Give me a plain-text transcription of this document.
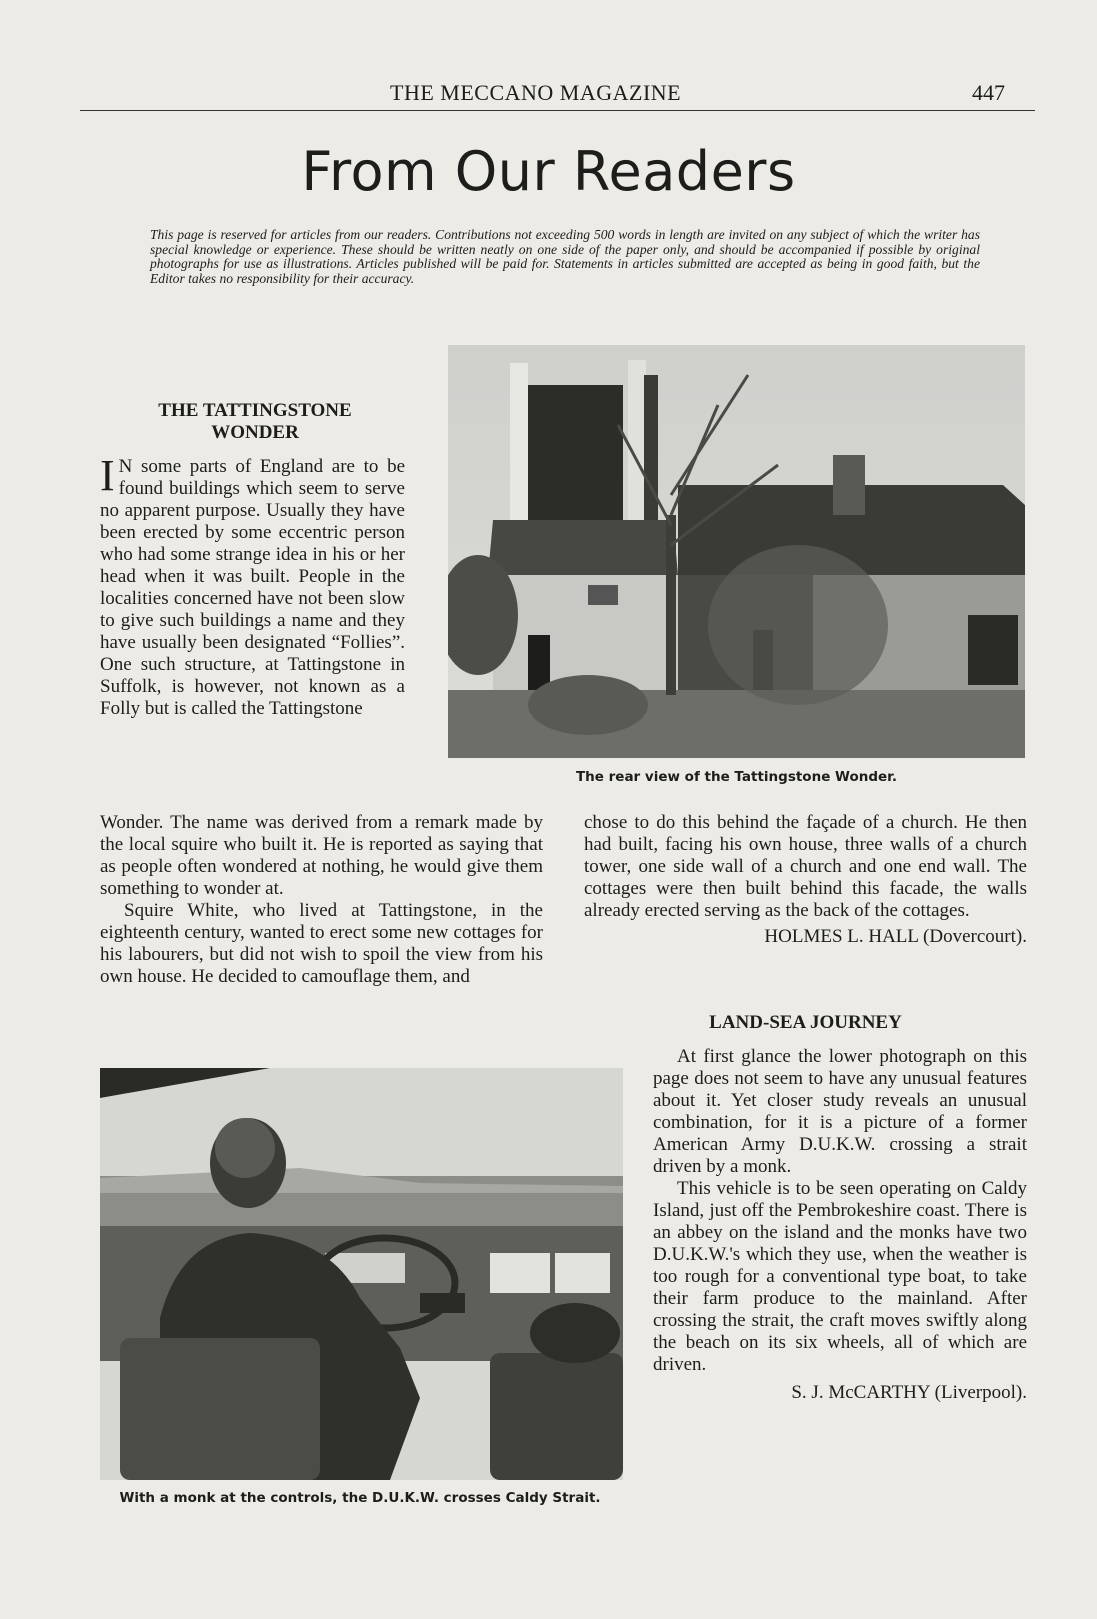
THE MECCANO MAGAZINE	447
From Our Readers
This page is reserved for articles from our readers. Contributions not exceeding 500 words in length are invited on any subject of which the writer has special knowledge or experience. These should be written neatly on one side of the paper only, and should be accompanied if possible by original photographs for use as illustrations. Articles published will be paid for. Statements in articles submitted are accepted as being in good faith, but the Editor takes no responsibility for their accuracy.
The rear view of the Tattingstone Wonder.
THE TATTINGSTONE
WONDER

I N some parts of England are to be found buildings which seem to serve no apparent purpose. Usually they have been erected by some eccentric person who had some strange idea in his or her head when it was built. People in the localities concerned have not been slow to give such buildings a name and they have usually been designated “Follies”. One such structure, at Tattingstone in Suffolk, is however, not known as a Folly but is called the Tattingstone

Wonder. The name was derived from a remark made by the local squire who built it. He is reported as saying that as people often wondered at nothing, he would give them something to wonder at.

Squire White, who lived at Tattingstone, in the eighteenth century, wanted to erect some new cottages for his labourers, but did not wish to spoil the view from his own house. He decided to camouflage them, and

chose to do this behind the façade of a church. He then had built, facing his own house, three walls of a church tower, one side wall of a church and one end wall. The cottages were then built behind this facade, the walls already erected serving as the back of the cottages.

HOLMES L. HALL (Dovercourt).

LAND-SEA JOURNEY

At first glance the lower photograph on this page does not seem to have any unusual features about it. Yet closer study reveals an unusual combination, for it is a picture of a former American Army D.U.K.W. crossing a strait driven by a monk.

This vehicle is to be seen operating on Caldy Island, just off the Pembrokeshire coast. There is an abbey on the island and the monks have two D.U.K.W.'s which they use, when the weather is too rough for a conventional type boat, to take their farm produce to the mainland. After crossing the strait, the craft moves swiftly along the beach on its six wheels, all of which are driven.

S. J. McCARTHY (Liverpool).

With a monk at the controls, the D.U.K.W. crosses Caldy Strait.
